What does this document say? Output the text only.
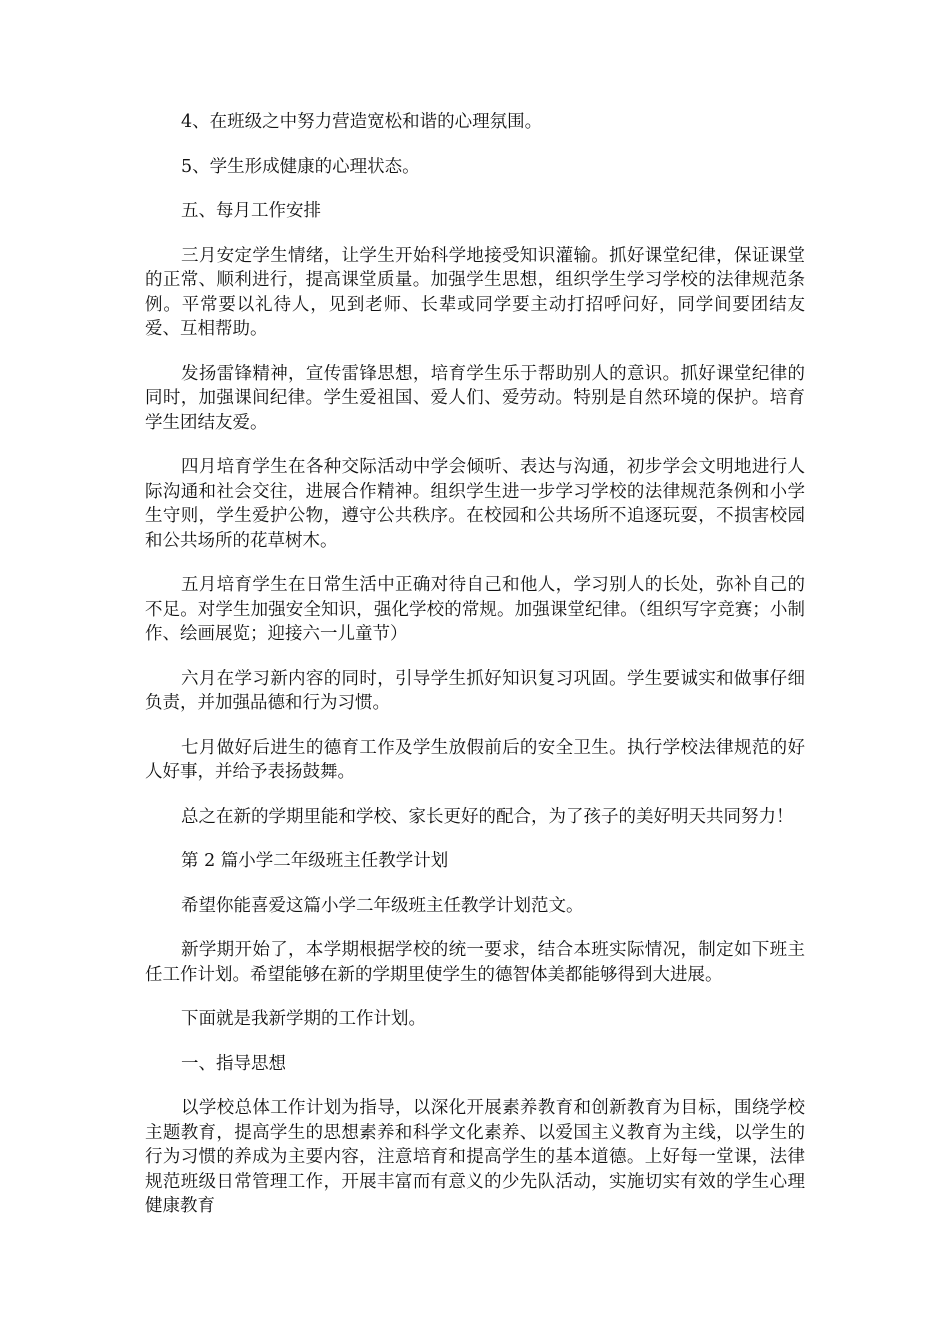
4、在班级之中努力营造宽松和谐的心理氛围。

5、学生形成健康的心理状态。

五、每月工作安排

三月安定学生情绪，让学生开始科学地接受知识灌输。抓好课堂纪律，保证课堂的正常、顺利进行，提高课堂质量。加强学生思想，组织学生学习学校的法律规范条例。平常要以礼待人，见到老师、长辈或同学要主动打招呼问好，同学间要团结友爱、互相帮助。

发扬雷锋精神，宣传雷锋思想，培育学生乐于帮助别人的意识。抓好课堂纪律的同时，加强课间纪律。学生爱祖国、爱人们、爱劳动。特别是自然环境的保护。培育学生团结友爱。

四月培育学生在各种交际活动中学会倾听、表达与沟通，初步学会文明地进行人际沟通和社会交往，进展合作精神。组织学生进一步学习学校的法律规范条例和小学生守则，学生爱护公物，遵守公共秩序。在校园和公共场所不追逐玩耍，不损害校园和公共场所的花草树木。

五月培育学生在日常生活中正确对待自己和他人，学习别人的长处，弥补自己的不足。对学生加强安全知识，强化学校的常规。加强课堂纪律。（组织写字竞赛；小制作、绘画展览；迎接六一儿童节）

六月在学习新内容的同时，引导学生抓好知识复习巩固。学生要诚实和做事仔细负责，并加强品德和行为习惯。

七月做好后进生的德育工作及学生放假前后的安全卫生。执行学校法律规范的好人好事，并给予表扬鼓舞。

总之在新的学期里能和学校、家长更好的配合，为了孩子的美好明天共同努力！

第 2 篇小学二年级班主任教学计划

希望你能喜爱这篇小学二年级班主任教学计划范文。

新学期开始了，本学期根据学校的统一要求，结合本班实际情况，制定如下班主任工作计划。希望能够在新的学期里使学生的德智体美都能够得到大进展。

下面就是我新学期的工作计划。

一、指导思想

以学校总体工作计划为指导，以深化开展素养教育和创新教育为目标，围绕学校主题教育，提高学生的思想素养和科学文化素养、以爱国主义教育为主线，以学生的行为习惯的养成为主要内容，注意培育和提高学生的基本道德。上好每一堂课，法律规范班级日常管理工作，开展丰富而有意义的少先队活动，实施切实有效的学生心理健康教育
